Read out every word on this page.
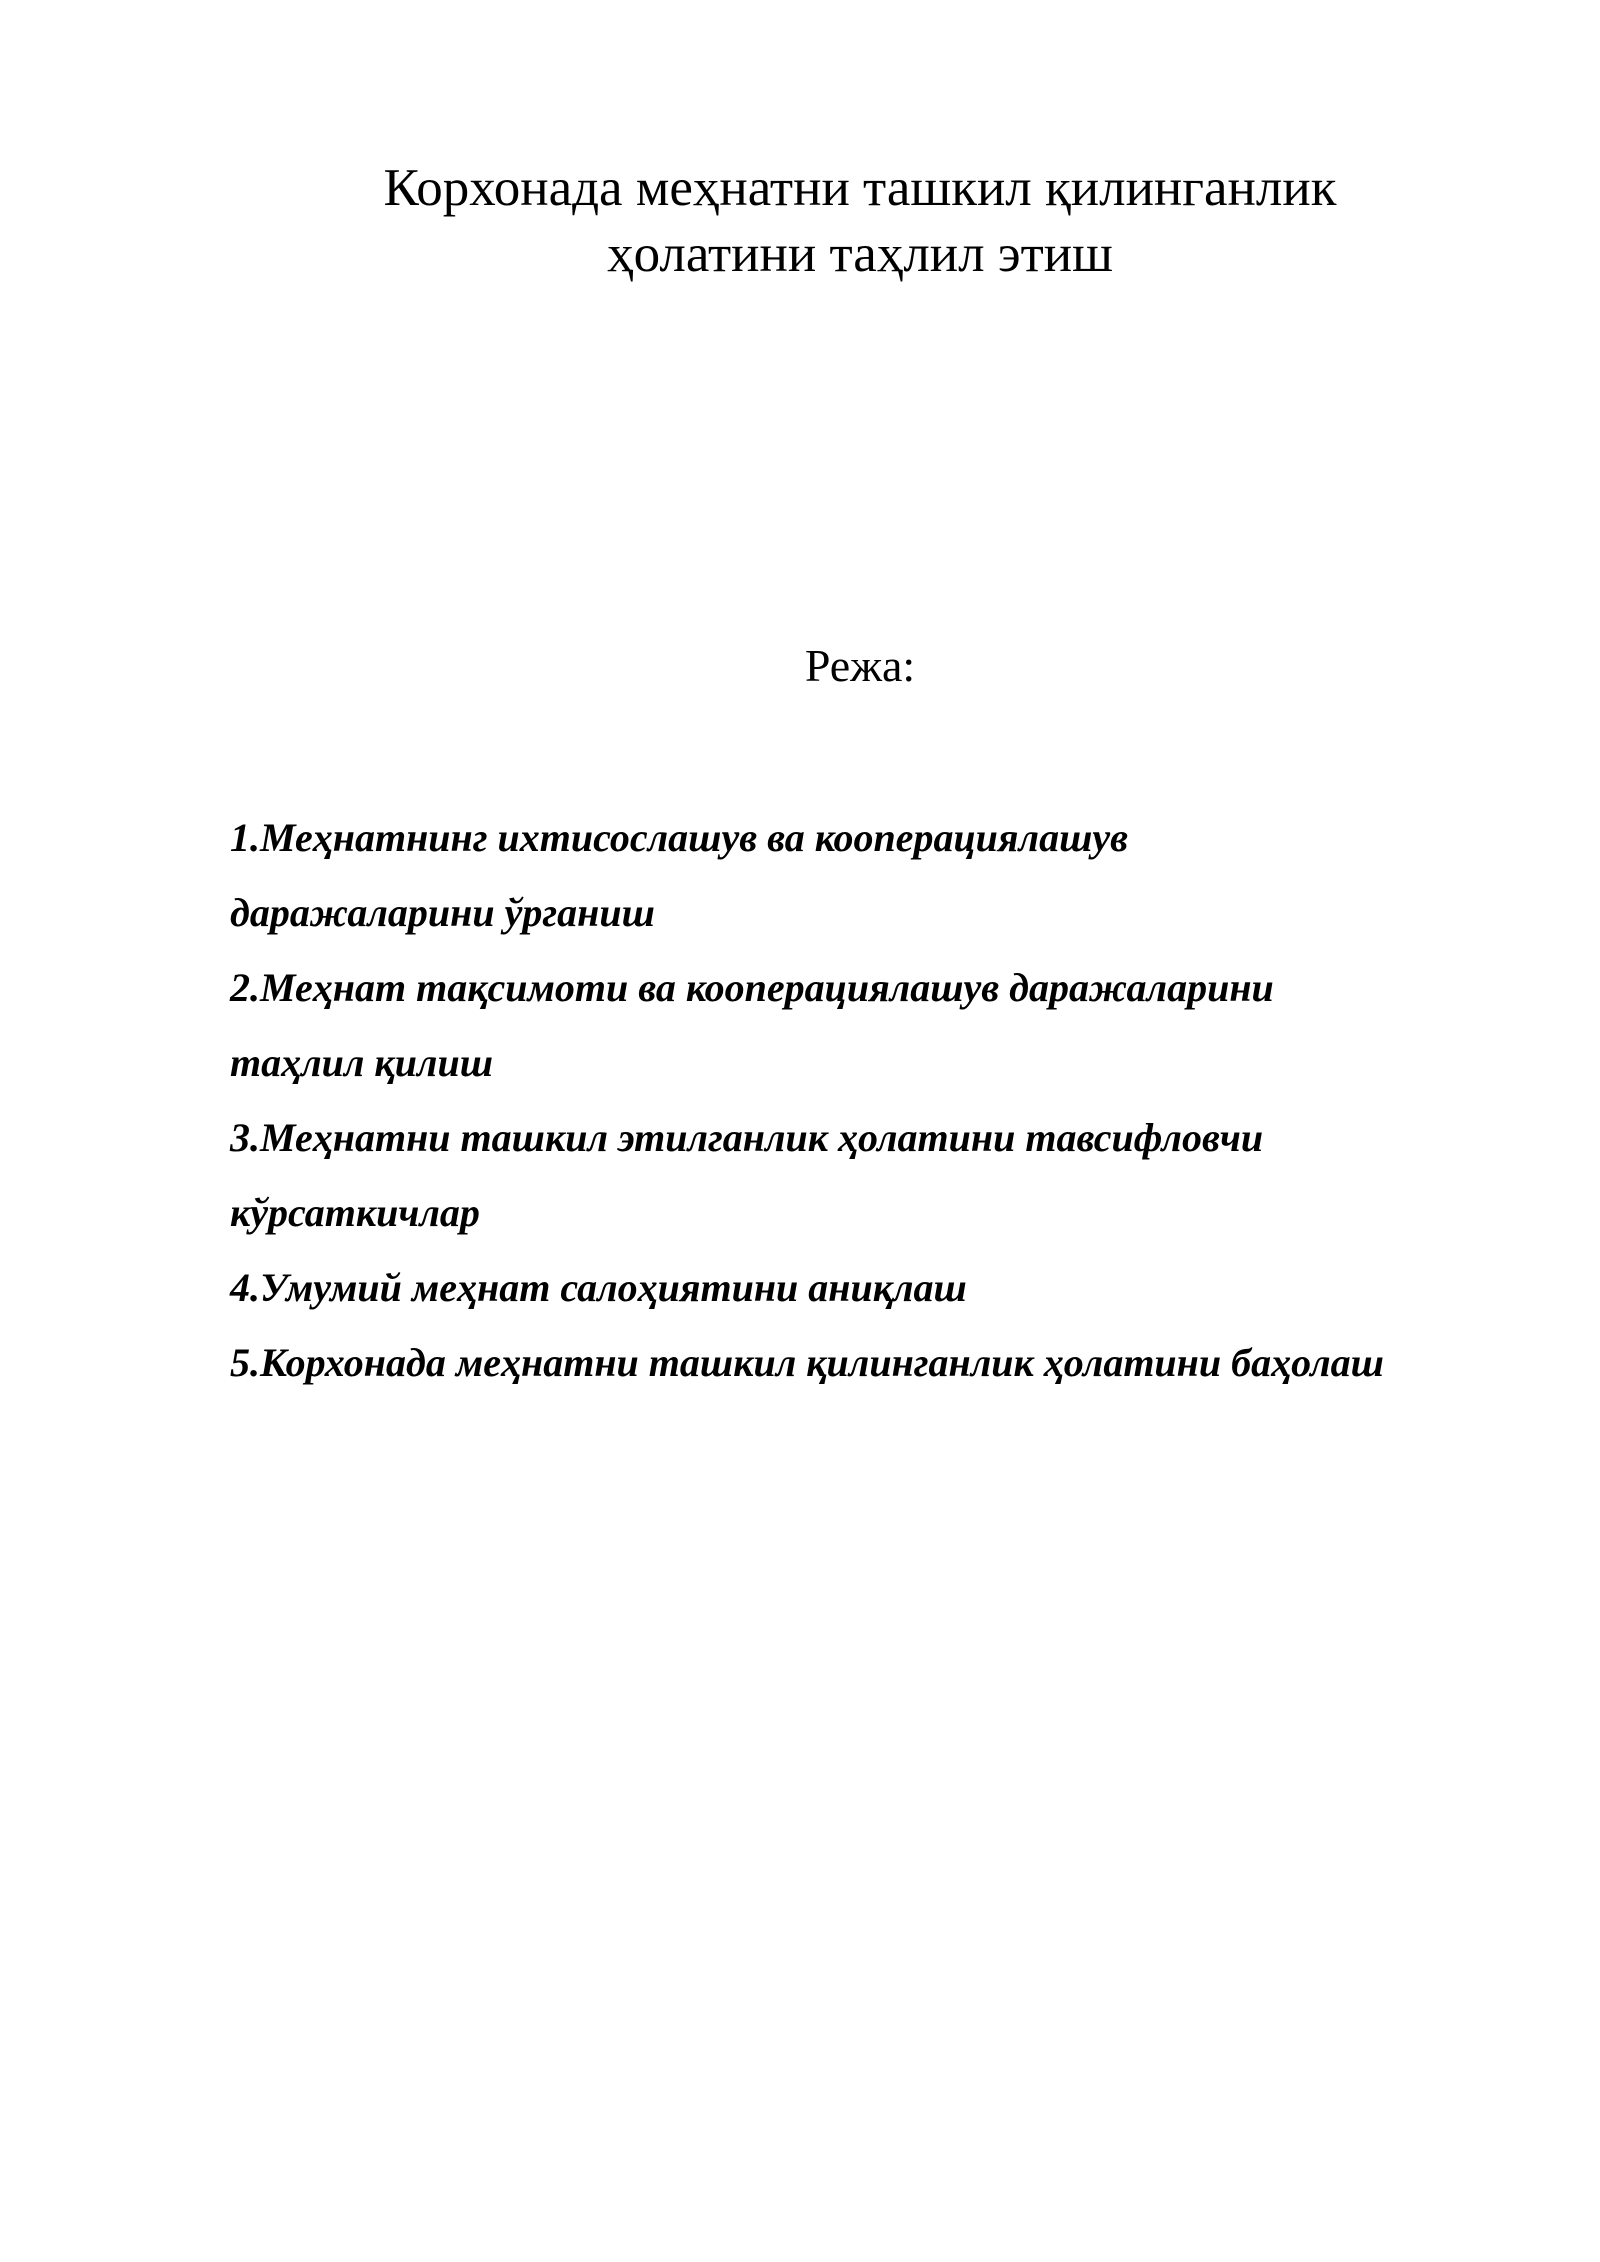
Корхонада меҳнатни ташкил қилинганлик
ҳолатини таҳлил этиш
Режа:
1.Меҳнатнинг ихтисослашув ва кооперациялашув
даражаларини ўрганиш
2.Меҳнат тақсимоти ва кооперациялашув даражаларини
таҳлил қилиш
3.Меҳнатни ташкил этилганлик ҳолатини тавсифловчи
кўрсаткичлар
4.Умумий меҳнат салоҳиятини аниқлаш
5.Корхонада меҳнатни ташкил қилинганлик ҳолатини баҳолаш
